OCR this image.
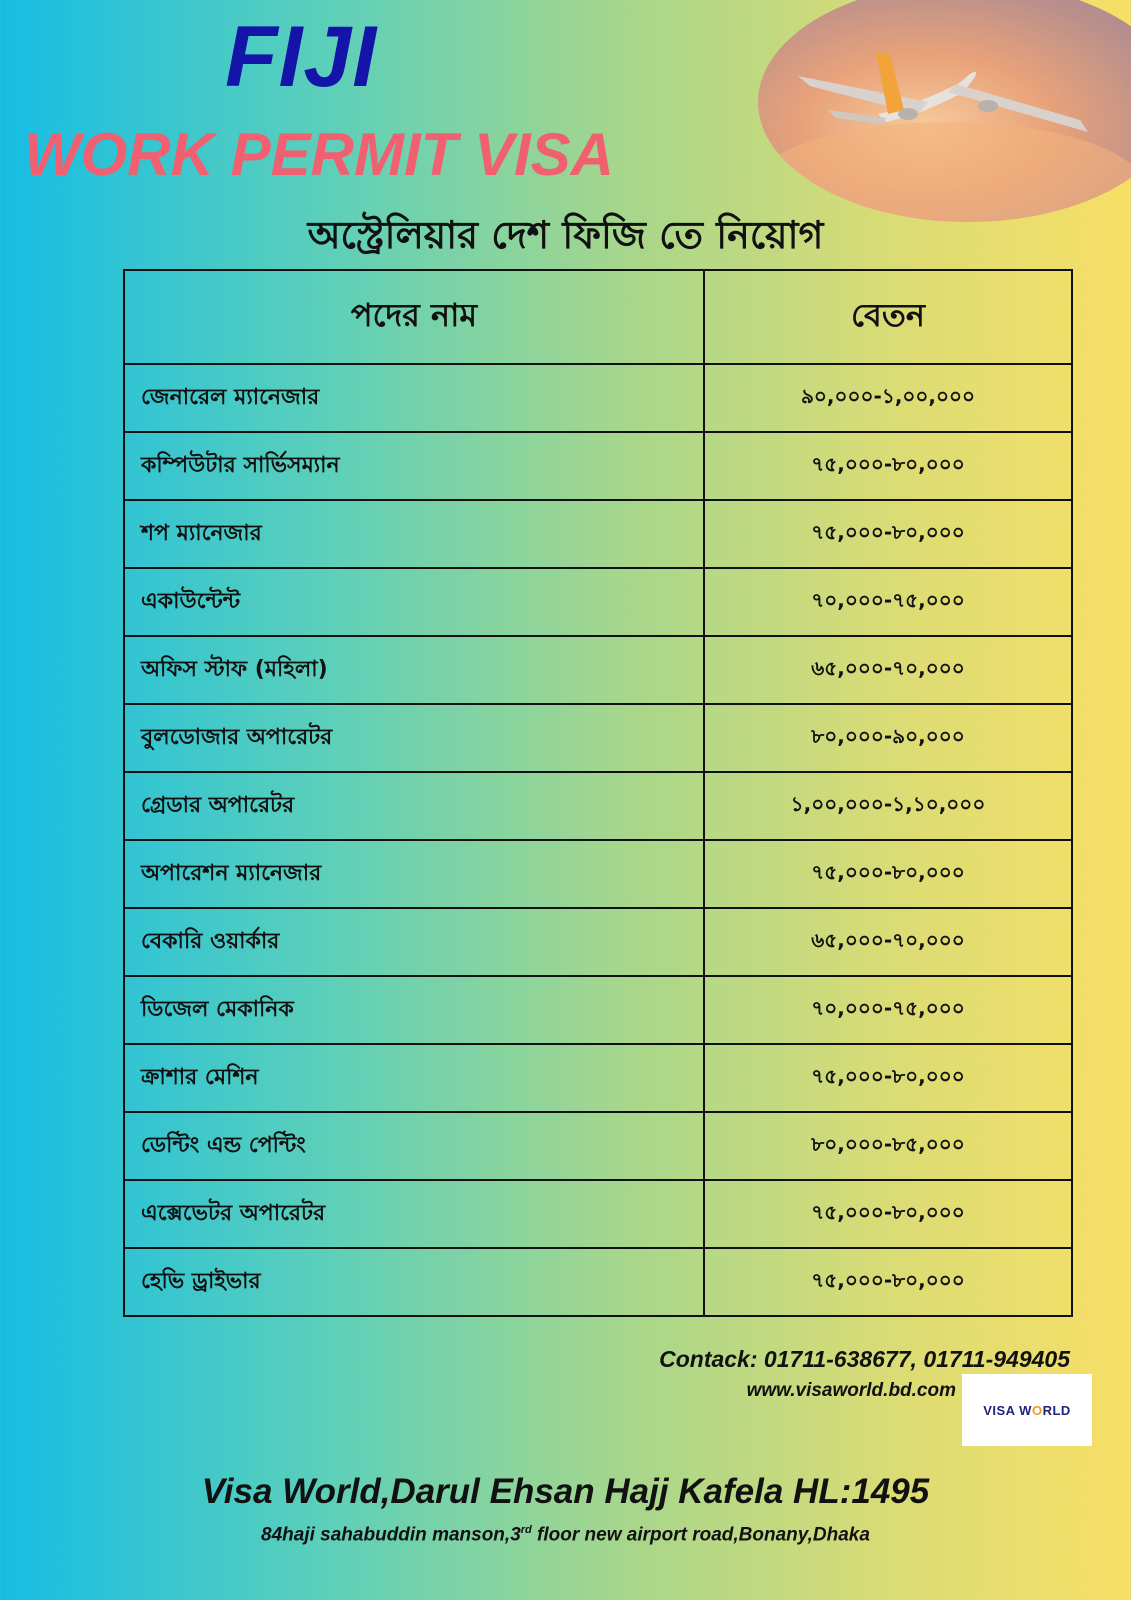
FIJI
WORK PERMIT VISA
অস্ট্রেলিয়ার দেশ ফিজি তে নিয়োগ
পদের নাম	বেতন
জেনারেল ম্যানেজার	৯০,০০০-১,০০,০০০
কম্পিউটার সার্ভিসম্যান	৭৫,০০০-৮০,০০০
শপ ম্যানেজার	৭৫,০০০-৮০,০০০
একাউন্টেন্ট	৭০,০০০-৭৫,০০০
অফিস স্টাফ (মহিলা)	৬৫,০০০-৭০,০০০
বুলডোজার অপারেটর	৮০,০০০-৯০,০০০
গ্রেডার অপারেটর	১,০০,০০০-১,১০,০০০
অপারেশন ম্যানেজার	৭৫,০০০-৮০,০০০
বেকারি ওয়ার্কার	৬৫,০০০-৭০,০০০
ডিজেল মেকানিক	৭০,০০০-৭৫,০০০
ক্রাশার মেশিন	৭৫,০০০-৮০,০০০
ডেন্টিং এন্ড পেন্টিং	৮০,০০০-৮৫,০০০
এক্সেভেটর অপারেটর	৭৫,০০০-৮০,০০০
হেভি ড্রাইভার	৭৫,০০০-৮০,০০০
Contack: 01711-638677, 01711-949405
www.visaworld.bd.com
VISA WORLD
Visa World,Darul Ehsan Hajj Kafela HL:1495
84haji sahabuddin manson,3rd floor new airport road,Bonany,Dhaka
